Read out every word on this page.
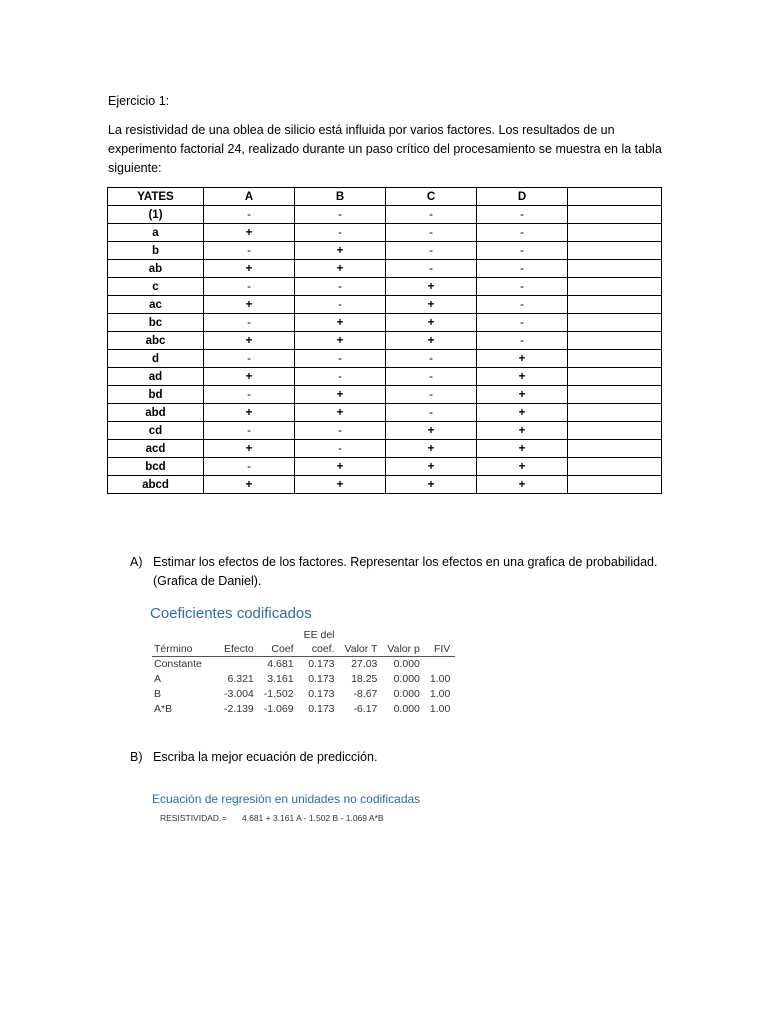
Ejercicio 1:
La resistividad de una oblea de silicio está influida por varios factores. Los resultados de un experimento factorial 24, realizado durante un paso crítico del procesamiento se muestra en la tabla siguiente:
YATES	A	B	C	D	
(1)	-	-	-	-	
a	+	-	-	-	
b	-	+	-	-	
ab	+	+	-	-	
c	-	-	+	-	
ac	+	-	+	-	
bc	-	+	+	-	
abc	+	+	+	-	
d	-	-	-	+	
ad	+	-	-	+	
bd	-	+	-	+	
abd	+	+	-	+	
cd	-	-	+	+	
acd	+	-	+	+	
bcd	-	+	+	+	
abcd	+	+	+	+	
A) Estimar los efectos de los factores. Representar los efectos en una grafica de probabilidad. (Grafica de Daniel).
Coeficientes codificados
			EE del			
Término	Efecto	Coef	coef.	Valor T	Valor p	FIV
Constante		4.681	0.173	27.03	0.000	
A	6.321	3.161	0.173	18.25	0.000	1.00
B	-3.004	-1.502	0.173	-8.67	0.000	1.00
A*B	-2.139	-1.069	0.173	-6.17	0.000	1.00
B) Escriba la mejor ecuación de predicción.
Ecuación de regresión en unidades no codificadas
RESISTIVIDAD.= 4.681 + 3.161 A - 1.502 B - 1.069 A*B
